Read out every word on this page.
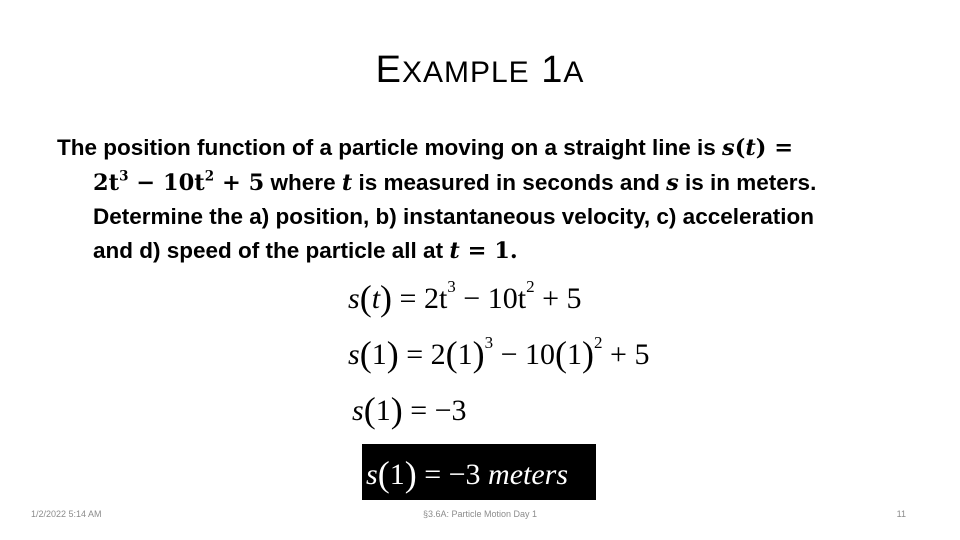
EXAMPLE 1A
The position function of a particle moving on a straight line is s(t) =
$2t^3 - 10t^2 + 5$ where t is measured in seconds and s is in meters.
Determine the a) position, b) instantaneous velocity, c) acceleration
and d) speed of the particle all at t = 1.
$s(t) = 2t^3 - 10t^2 + 5$
$s(1) = 2(1)^3 - 10(1)^2 + 5$
s(1) = −3
s(1) = −3 meters
1/2/2022 5:14 AM	§3.6A: Particle Motion Day 1	11
